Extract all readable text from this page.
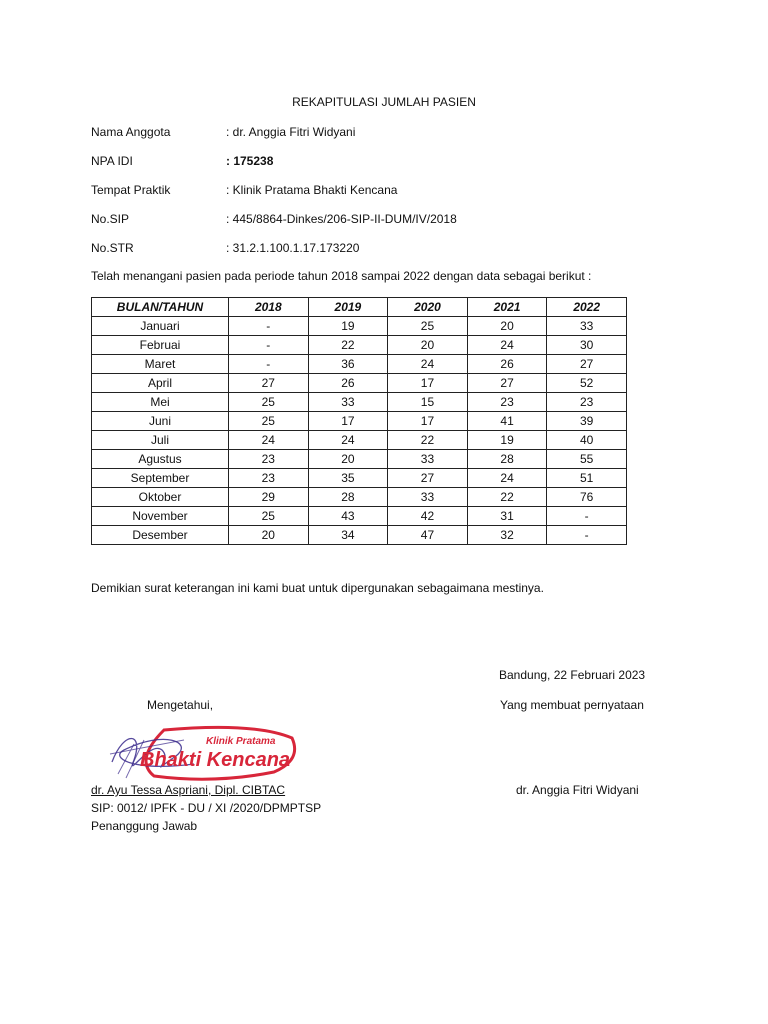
REKAPITULASI JUMLAH PASIEN
Nama Anggota	: dr. Anggia Fitri Widyani
NPA IDI	: 175238
Tempat Praktik	: Klinik Pratama Bhakti Kencana
No.SIP	: 445/8864-Dinkes/206-SIP-II-DUM/IV/2018
No.STR	: 31.2.1.100.1.17.173220
Telah menangani pasien pada periode tahun 2018 sampai 2022 dengan data sebagai berikut :
BULAN/TAHUN	2018	2019	2020	2021	2022
Januari	-	19	25	20	33
Februai	-	22	20	24	30
Maret	-	36	24	26	27
April	27	26	17	27	52
Mei	25	33	15	23	23
Juni	25	17	17	41	39
Juli	24	24	22	19	40
Agustus	23	20	33	28	55
September	23	35	27	24	51
Oktober	29	28	33	22	76
November	25	43	42	31	-
Desember	20	34	47	32	-
Demikian surat keterangan ini kami buat untuk dipergunakan sebagaimana mestinya.
Bandung, 22 Februari 2023
Mengetahui,	Yang membuat pernyataan
Klinik Pratama
Bhakti Kencana
dr. Ayu Tessa Aspriani, Dipl. CIBTAC
SIP: 0012/ IPFK - DU / XI /2020/DPMPTSP
Penanggung Jawab
dr. Anggia Fitri Widyani
